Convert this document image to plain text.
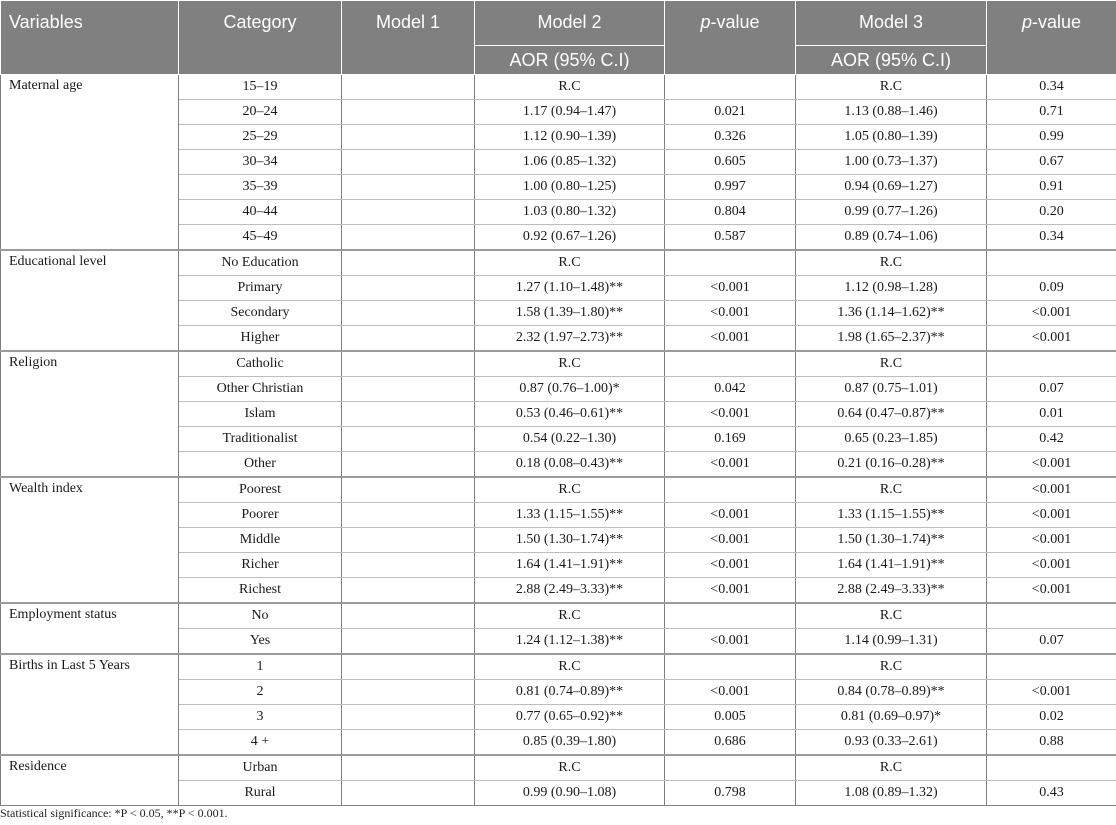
Variables	Category	Model 1	Model 2	p-value	Model 3	p-value
			AOR (95% C.I)		AOR (95% C.I)	
Maternal age	15–19		R.C		R.C	0.34
	20–24		1.17 (0.94–1.47)	0.021	1.13 (0.88–1.46)	0.71
	25–29		1.12 (0.90–1.39)	0.326	1.05 (0.80–1.39)	0.99
	30–34		1.06 (0.85–1.32)	0.605	1.00 (0.73–1.37)	0.67
	35–39		1.00 (0.80–1.25)	0.997	0.94 (0.69–1.27)	0.91
	40–44		1.03 (0.80–1.32)	0.804	0.99 (0.77–1.26)	0.20
	45–49		0.92 (0.67–1.26)	0.587	0.89 (0.74–1.06)	0.34
Educational level	No Education		R.C		R.C	
	Primary		1.27 (1.10–1.48)**	<0.001	1.12 (0.98–1.28)	0.09
	Secondary		1.58 (1.39–1.80)**	<0.001	1.36 (1.14–1.62)**	<0.001
	Higher		2.32 (1.97–2.73)**	<0.001	1.98 (1.65–2.37)**	<0.001
Religion	Catholic		R.C		R.C	
	Other Christian		0.87 (0.76–1.00)*	0.042	0.87 (0.75–1.01)	0.07
	Islam		0.53 (0.46–0.61)**	<0.001	0.64 (0.47–0.87)**	0.01
	Traditionalist		0.54 (0.22–1.30)	0.169	0.65 (0.23–1.85)	0.42
	Other		0.18 (0.08–0.43)**	<0.001	0.21 (0.16–0.28)**	<0.001
Wealth index	Poorest		R.C		R.C	<0.001
	Poorer		1.33 (1.15–1.55)**	<0.001	1.33 (1.15–1.55)**	<0.001
	Middle		1.50 (1.30–1.74)**	<0.001	1.50 (1.30–1.74)**	<0.001
	Richer		1.64 (1.41–1.91)**	<0.001	1.64 (1.41–1.91)**	<0.001
	Richest		2.88 (2.49–3.33)**	<0.001	2.88 (2.49–3.33)**	<0.001
Employment status	No		R.C		R.C	
	Yes		1.24 (1.12–1.38)**	<0.001	1.14 (0.99–1.31)	0.07
Births in Last 5 Years	1		R.C		R.C	
	2		0.81 (0.74–0.89)**	<0.001	0.84 (0.78–0.89)**	<0.001
	3		0.77 (0.65–0.92)**	0.005	0.81 (0.69–0.97)*	0.02
	4 +		0.85 (0.39–1.80)	0.686	0.93 (0.33–2.61)	0.88
Residence	Urban		R.C		R.C	
	Rural		0.99 (0.90–1.08)	0.798	1.08 (0.89–1.32)	0.43
Statistical significance: *P < 0.05, **P < 0.001.
